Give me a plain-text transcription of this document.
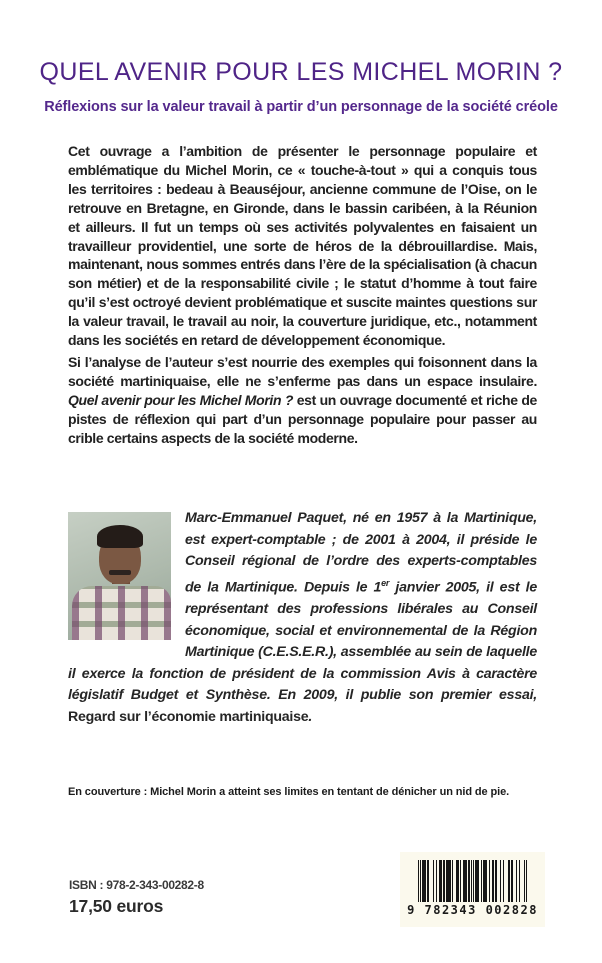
QUEL AVENIR POUR LES MICHEL MORIN ?
Réflexions sur la valeur travail à partir d’un personnage de la société créole

Cet ouvrage a l’ambition de présenter le personnage populaire et emblématique du Michel Morin, ce « touche-à-tout » qui a conquis tous les territoires : bedeau à Beauséjour, ancienne commune de l’Oise, on le retrouve en Bretagne, en Gironde, dans le bassin caribéen, à la Réunion et ailleurs. Il fut un temps où ses activités polyvalentes en faisaient un travailleur providentiel, une sorte de héros de la débrouillardise. Mais, maintenant, nous sommes entrés dans l’ère de la spécialisation (à chacun son métier) et de la responsabilité civile ; le statut d’homme à tout faire qu’il s’est octroyé devient problématique et suscite maintes questions sur la valeur travail, le travail au noir, la couverture juridique, etc., notamment dans les sociétés en retard de développement économique.

Si l’analyse de l’auteur s’est nourrie des exemples qui foisonnent dans la société martiniquaise, elle ne s’enferme pas dans un espace insulaire. Quel avenir pour les Michel Morin ? est un ouvrage documenté et riche de pistes de réflexion qui part d’un personnage populaire pour passer au crible certains aspects de la société moderne.

Marc-Emmanuel Paquet, né en 1957 à la Martinique, est expert-comptable ; de 2001 à 2004, il préside le Conseil régional de l’ordre des experts-comptables de la Martinique. Depuis le 1er janvier 2005, il est le représentant des professions libérales au Conseil économique, social et environnemental de la Région Martinique (C.E.S.E.R.), assemblée au sein de laquelle il exerce la fonction de président de la commission Avis à caractère législatif Budget et Synthèse. En 2009, il publie son premier essai, Regard sur l’économie martiniquaise.

En couverture : Michel Morin a atteint ses limites en tentant de dénicher un nid de pie.
ISBN : 978-2-343-00282-8
17,50 euros	9 782343 002828
